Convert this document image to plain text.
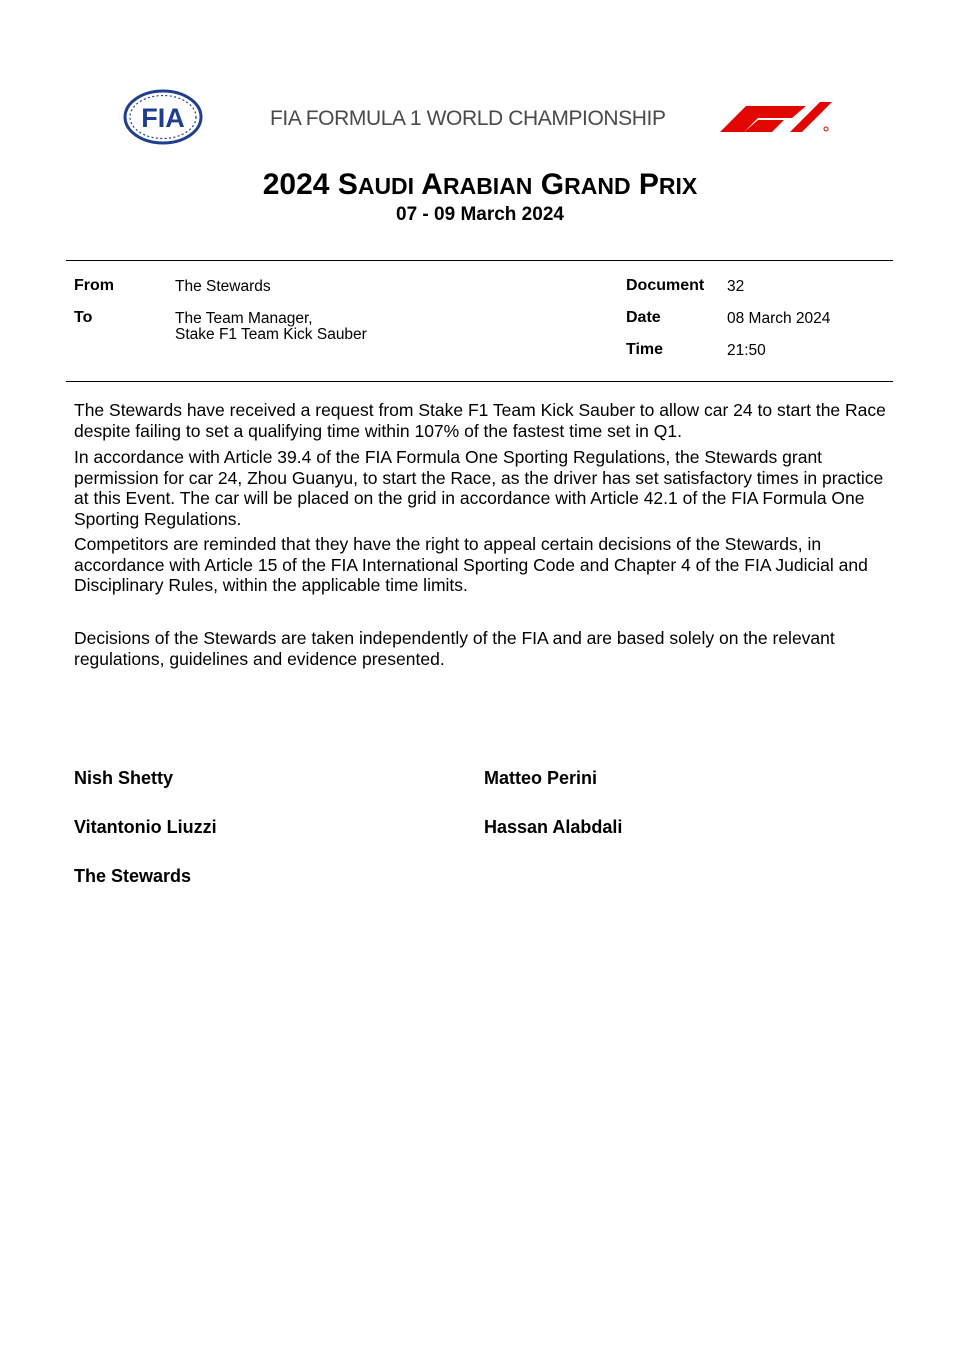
FIA	FIA FORMULA 1 WORLD CHAMPIONSHIP
2024 SAUDI ARABIAN GRAND PRIX
07 - 09 March 2024
From	The Stewards
To	The Team Manager,
Stake F1 Team Kick Sauber
Document 32
Date	08 March 2024
Time	21:50
The Stewards have received a request from Stake F1 Team Kick Sauber to allow car 24 to start the Race despite failing to set a qualifying time within 107% of the fastest time set in Q1.
In accordance with Article 39.4 of the FIA Formula One Sporting Regulations, the Stewards grant permission for car 24, Zhou Guanyu, to start the Race, as the driver has set satisfactory times in practice at this Event. The car will be placed on the grid in accordance with Article 42.1 of the FIA Formula One Sporting Regulations.
Competitors are reminded that they have the right to appeal certain decisions of the Stewards, in accordance with Article 15 of the FIA International Sporting Code and Chapter 4 of the FIA Judicial and Disciplinary Rules, within the applicable time limits.
Decisions of the Stewards are taken independently of the FIA and are based solely on the relevant regulations, guidelines and evidence presented.
Nish Shetty	Matteo Perini
Vitantonio Liuzzi	Hassan Alabdali
The Stewards
